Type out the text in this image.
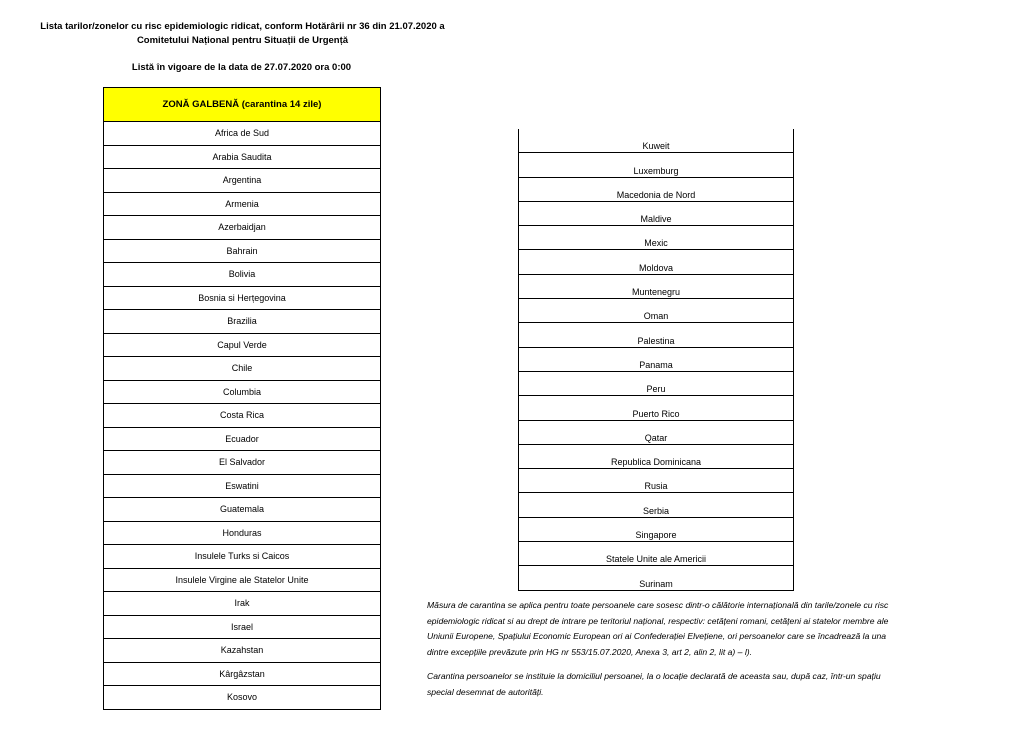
Lista tarilor/zonelor cu risc epidemiologic ridicat, conform Hotărârii nr 36 din 21.07.2020 a
Comitetului Național pentru Situații de Urgență
Listă în vigoare de la data de 27.07.2020 ora 0:00
ZONĂ GALBENĂ (carantina 14 zile)
Africa de Sud
Arabia Saudita
Argentina
Armenia
Azerbaidjan
Bahrain
Bolivia
Bosnia si Herțegovina
Brazilia
Capul Verde
Chile
Columbia
Costa Rica
Ecuador
El Salvador
Eswatini
Guatemala
Honduras
Insulele Turks si Caicos
Insulele Virgine ale Statelor Unite
Irak
Israel
Kazahstan
Kârgâzstan
Kosovo
Kuweit
Luxemburg
Macedonia de Nord
Maldive
Mexic
Moldova
Muntenegru
Oman
Palestina
Panama
Peru
Puerto Rico
Qatar
Republica Dominicana
Rusia
Serbia
Singapore
Statele Unite ale Americii
Surinam

Măsura de carantina se aplica pentru toate persoanele care sosesc dintr-o călătorie internațională din tarile/zonele cu risc epidemiologic ridicat si au drept de intrare pe teritoriul național, respectiv: cetățeni romani, cetățeni ai statelor membre ale Uniunii Europene, Spațiului Economic European ori ai Confederației Elvețiene, ori persoanelor care se încadrează la una dintre excepțiile prevăzute prin HG nr 553/15.07.2020, Anexa 3, art 2, alin 2, lit a) – l).

Carantina persoanelor se instituie la domiciliul persoanei, la o locație declarată de aceasta sau, după caz, într-un spațiu special desemnat de autorități.
